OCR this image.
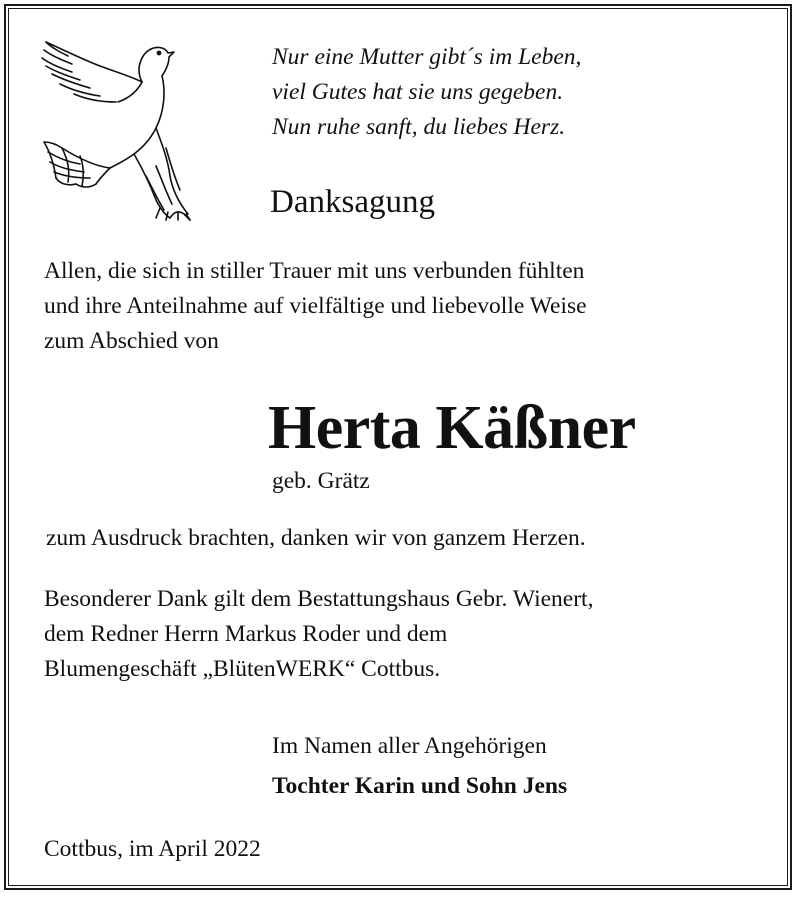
Nur eine Mutter gibt´s im Leben,
viel Gutes hat sie uns gegeben.
Nun ruhe sanft, du liebes Herz.
Danksagung
Allen, die sich in stiller Trauer mit uns verbunden fühlten
und ihre Anteilnahme auf vielfältige und liebevolle Weise
zum Abschied von
Herta Käßner
geb. Grätz
zum Ausdruck brachten, danken wir von ganzem Herzen.
Besonderer Dank gilt dem Bestattungshaus Gebr. Wienert,
dem Redner Herrn Markus Roder und dem
Blumengeschäft „BlütenWERK“ Cottbus.
Im Namen aller Angehörigen
Tochter Karin und Sohn Jens
Cottbus, im April 2022
